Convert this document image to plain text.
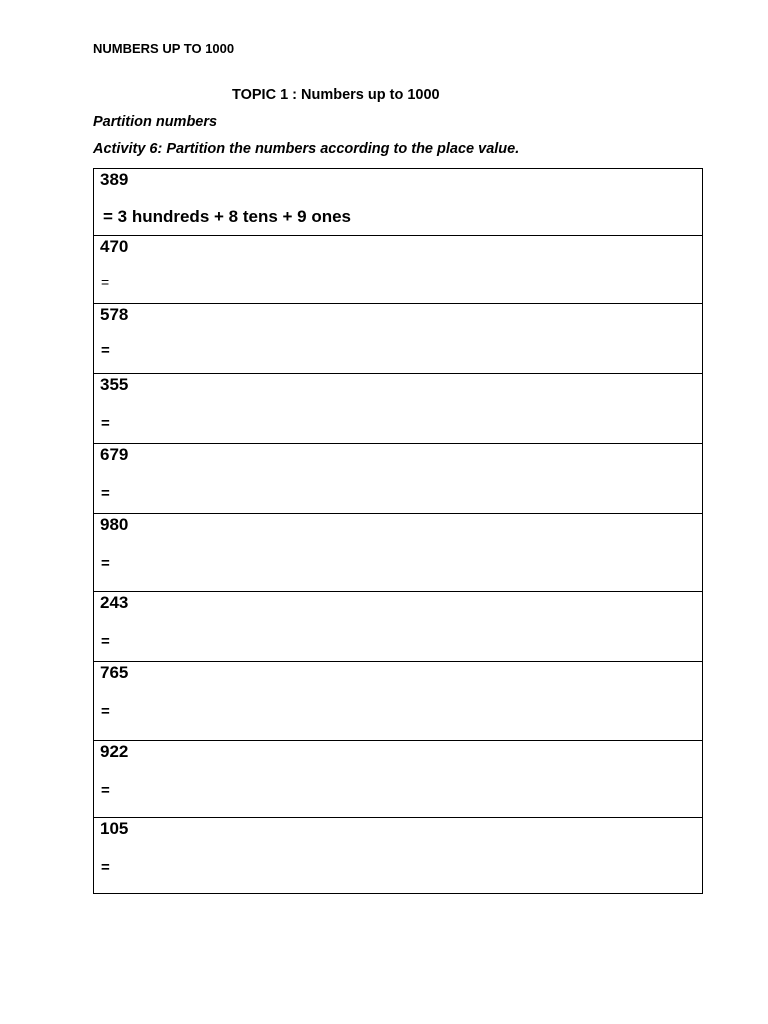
NUMBERS UP TO 1000
TOPIC 1 : Numbers up to 1000
Partition numbers
Activity 6: Partition the numbers according to the place value.
389
= 3 hundreds + 8 tens + 9 ones

470
=

578
=

355
=

679
=

980
=

243
=

765
=

922
=

105
=
